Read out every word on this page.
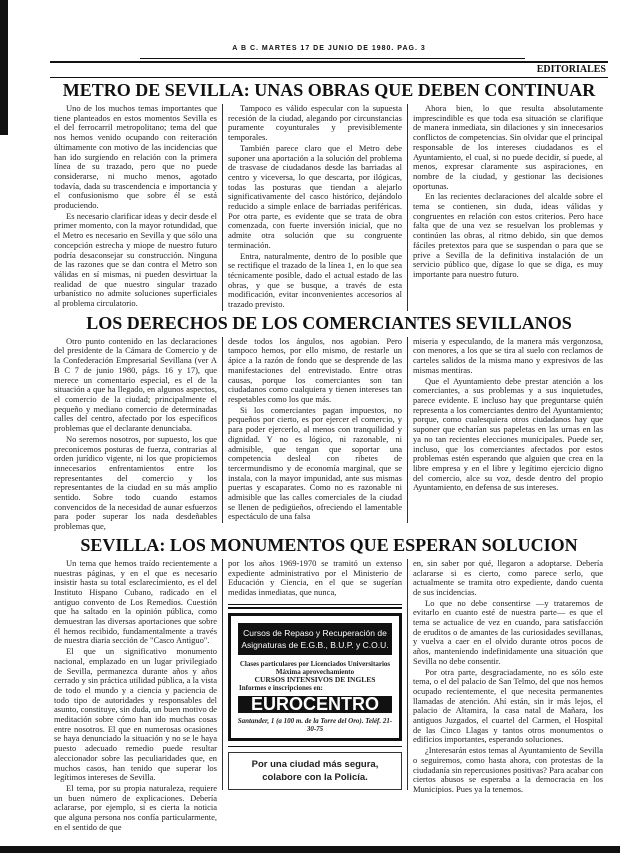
A B C. MARTES 17 DE JUNIO DE 1980. PAG. 3
EDITORIALES
METRO DE SEVILLA: UNAS OBRAS QUE DEBEN CONTINUAR

Uno de los muchos temas importantes que tiene planteados en estos momentos Sevilla es el del ferrocarril metropolitano; tema del que nos hemos venido ocupando con reiteración últimamente con motivo de las incidencias que han ido surgiendo en relación con la primera línea de su trazado, pero que no puede considerarse, ni mucho menos, agotado todavía, dada su trascendencia e importancia y el confusionismo que sobre él se está produciendo.

Es necesario clarificar ideas y decir desde el primer momento, con la mayor rotundidad, que el Metro es necesario en Sevilla y que sólo una concepción estrecha y miope de nuestro futuro podría desaconsejar su construcción. Ninguna de las razones que se dan contra el Metro son válidas en sí mismas, ni pueden desvirtuar la realidad de que nuestro singular trazado urbanístico no admite soluciones superficiales al problema circulatorio.

Tampoco es válido especular con la supuesta recesión de la ciudad, alegando por circunstancias puramente coyunturales y previsiblemente temporales.

También parece claro que el Metro debe suponer una aportación a la solución del problema de trasvase de ciudadanos desde las barriadas al centro y viceversa, lo que descarta, por ilógicas, todas las posturas que tiendan a alejarlo significativamente del casco histórico, dejándolo reducido a simple enlace de barriadas periféricas. Por otra parte, es evidente que se trata de obra comenzada, con fuerte inversión inicial, que no admite otra solución que su congruente terminación.

Entra, naturalmente, dentro de lo posible que se rectifique el trazado de la línea 1, en lo que sea técnicamente posible, dado el actual estado de las obras, y que se busque, a través de esta modificación, evitar inconvenientes accesorios al trazado previsto.

Ahora bien, lo que resulta absolutamente imprescindible es que toda esa situación se clarifique de manera inmediata, sin dilaciones y sin innecesarios conflictos de competencias. Sin olvidar que el principal responsable de los intereses ciudadanos es el Ayuntamiento, el cual, si no puede decidir, sí puede, al menos, expresar claramente sus aspiraciones, en nombre de la ciudad, y gestionar las decisiones oportunas.

En las recientes declaraciones del alcalde sobre el tema se contienen, sin duda, ideas válidas y congruentes en relación con estos criterios. Pero hace falta que de una vez se resuelvan los problemas y continúen las obras, al ritmo debido, sin que demos fáciles pretextos para que se suspendan o para que se prive a Sevilla de la definitiva instalación de un servicio público que, dígase lo que se diga, es muy importante para nuestro futuro.

LOS DERECHOS DE LOS COMERCIANTES SEVILLANOS

Otro punto contenido en las declaraciones del presidente de la Cámara de Comercio y de la Confederación Empresarial Sevillana (ver A B C 7 de junio 1980, págs. 16 y 17), que merece un comentario especial, es el de la situación a que ha llegado, en algunos aspectos, el comercio de la ciudad; principalmente el pequeño y mediano comercio de determinadas calles del centro, afectado por los específicos problemas que el declarante denunciaba.

No seremos nosotros, por supuesto, los que preconicemos posturas de fuerza, contrarias al orden jurídico vigente, ni los que propiciemos innecesarios enfrentamientos entre los representantes del comercio y los representantes de la ciudad en su más amplio sentido. Sobre todo cuando estamos convencidos de la necesidad de aunar esfuerzos para poder superar los nada desdeñables problemas que,

desde todos los ángulos, nos agobian. Pero tampoco hemos, por ello mismo, de restarle un ápice a la razón de fondo que se desprende de las manifestaciones del entrevistado. Entre otras causas, porque los comerciantes son tan ciudadanos como cualquiera y tienen intereses tan respetables como los que más.

Si los comerciantes pagan impuestos, no pequeños por cierto, es por ejercer el comercio, y para poder ejercerlo, al menos con tranquilidad y dignidad. Y no es lógico, ni razonable, ni admisible, que tengan que soportar una competencia desleal con ribetes de tercermundismo y de economía marginal, que se instala, con la mayor impunidad, ante sus mismas puertas y escaparates. Como no es razonable ni admisible que las calles comerciales de la ciudad se llenen de pedigüeños, ofreciendo el lamentable espectáculo de una falsa

miseria y especulando, de la manera más vergonzosa, con menores, a los que se tira al suelo con reclamos de carteles salidos de la misma mano y expresivos de las mismas mentiras.

Que el Ayuntamiento debe prestar atención a los comerciantes, a sus problemas y a sus inquietudes, parece evidente. E incluso hay que preguntarse quién representa a los comerciantes dentro del Ayuntamiento; porque, como cualesquiera otros ciudadanos hay que suponer que echarían sus papeletas en las urnas en las ya no tan recientes elecciones municipales. Puede ser, incluso, que los comerciantes afectados por estos problemas estén esperando que alguien que crea en la libre empresa y en el libre y legítimo ejercicio digno del comercio, alce su voz, desde dentro del propio Ayuntamiento, en defensa de sus intereses.

SEVILLA: LOS MONUMENTOS QUE ESPERAN SOLUCION

Un tema que hemos traído recientemente a nuestras páginas, y en el que es necesario insistir hasta su total esclarecimiento, es el del Instituto Hispano Cubano, radicado en el antiguo convento de Los Remedios. Cuestión que ha saltado en la opinión pública, como demuestran las diversas aportaciones que sobre él hemos recibido, fundamentalmente a través de nuestra diaria sección de "Casco Antiguo".

El que un significativo monumento nacional, emplazado en un lugar privilegiado de Sevilla, permanezca durante años y años cerrado y sin práctica utilidad pública, a la vista de todo el mundo y a ciencia y paciencia de todo tipo de autoridades y responsables del asunto, constituye, sin duda, un buen motivo de meditación sobre cómo han ido muchas cosas entre nosotros. El que en numerosas ocasiones se haya denunciado la situación y no se le haya puesto adecuado remedio puede resultar aleccionador sobre las peculiaridades que, en muchos casos, han tenido que superar los legítimos intereses de Sevilla.

El tema, por su propia naturaleza, requiere un buen número de explicaciones. Debería aclararse, por ejemplo, si es cierta la noticia que alguna persona nos confía particularmente, en el sentido de que

por los años 1969-1970 se tramitó un extenso expediente administrativo por el Ministerio de Educación y Ciencia, en el que se sugerían medidas inmediatas, que nunca,

Cursos de Repaso y Recuperación de Asignaturas de E.G.B., B.U.P. y C.O.U.
Clases particulares por Licenciados Universitarios
Máxima aprovechamiento
CURSOS INTENSIVOS DE INGLES
Informes e inscripciones en:
EUROCENTRO
Santander, 1 (a 100 m. de la Torre del Oro). Teléf. 21-30-75
Por una ciudad más segura,
colabore con la Policía.

en, sin saber por qué, llegaron a adoptarse. Debería aclararse si es cierto, como parece serlo, que actualmente se tramita otro expediente, dando cuenta de sus incidencias.

Lo que no debe consentirse —y trataremos de evitarlo en cuanto esté de nuestra parte— es que el tema se actualice de vez en cuando, para satisfacción de eruditos o de amantes de las curiosidades sevillanas, y vuelva a caer en el olvido durante otros pocos de años, manteniendo indefinidamente una situación que Sevilla no debe consentir.

Por otra parte, desgraciadamente, no es sólo este tema, o el del palacio de San Telmo, del que nos hemos ocupado recientemente, el que necesita permanentes llamadas de atención. Ahí están, sin ir más lejos, el palacio de Altamira, la casa natal de Mañara, los antiguos Juzgados, el cuartel del Carmen, el Hospital de las Cinco Llagas y tantos otros monumentos o edificios importantes, esperando soluciones.

¿Interesarán estos temas al Ayuntamiento de Sevilla o seguiremos, como hasta ahora, con protestas de la ciudadanía sin repercusiones positivas? Para acabar con ciertos abusos se esperaba a la democracia en los Municipios. Pues ya la tenemos.
